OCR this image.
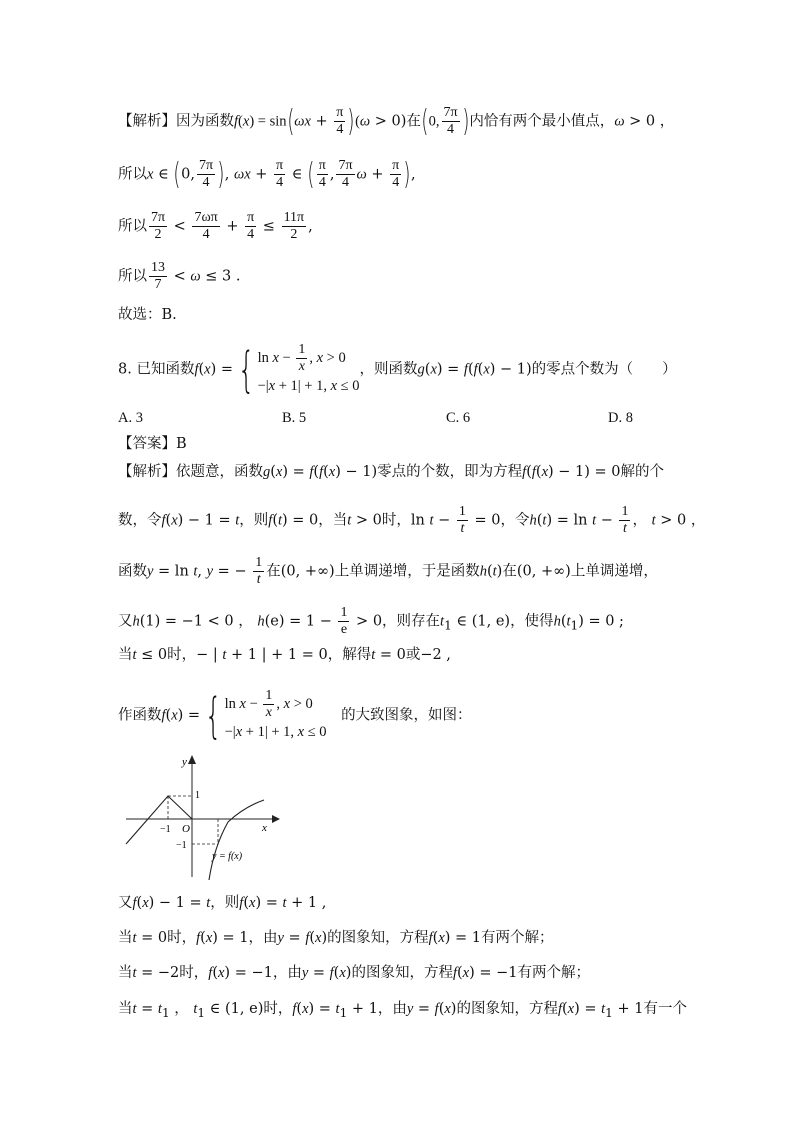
【解析】因为函数$f(x) = \sin(\omega x + \frac{\pi}{4} )(\omega > 0)$在(0, $\frac{7\pi}{4}$ )内恰有两个最小值点，ω > 0 ，
所以x ∈ (0, $\frac{7\pi}{4}$ ), $\omega x + \frac{\pi}{4}$ ∈ ( $\frac{\pi}{4}$ , $\frac{7\pi}{4}$ $\omega + \frac{\pi}{4}$ ),
所以 $\frac{7\pi}{2} < \frac{7\omega\pi}{4} + \frac{\pi}{4} \le \frac{11\pi}{2}$ ,
所以 $\frac{13}{7} < \omega \le 3$ .
故选：B.
8. 已知函数f(x) = { $\ln x - \frac{1}{x}$ , x > 0
−|x + 1| + 1, x ≤ 0，则函数g(x) = f(f(x) − 1)的零点个数为（　　）
A. 3	B. 5	C. 6	D. 8
【答案】B
【解析】依题意，函数g(x) = f(f(x) − 1)零点的个数，即为方程f(f(x) − 1) = 0解的个
数，令f(x) − 1 = t，则f(t) = 0，当t > 0时，$\ln t - \frac{1}{t} = 0$，令$h(t) = \ln t - \frac{1}{t}$ ， t > 0 ，
函数y = ln t, y = − $\frac{1}{t}$ 在(0, +∞)上单调递增，于是函数h(t)在(0, +∞)上单调递增，
又h(1) = −1 < 0 ， $h(e) = 1 - \frac{1}{e} > 0$，则存在$t_1$ ∈ (1, e)，使得$h(t_1) = 0$ ;
当t ≤ 0时，− | t + 1 | + 1 = 0，解得t = 0或−2 ,
作函数f(x) = { $\ln x - \frac{1}{x}$ , x > 0
−|x + 1| + 1, x ≤ 0　的大致图象，如图：
y
x
O
−1
1
−1
y = f(x)
又f(x) − 1 = t，则f(x) = t + 1 ,
当t = 0时，f(x) = 1，由y = f(x)的图象知，方程f(x) = 1有两个解；
当t = −2时，f(x) = −1，由y = f(x)的图象知，方程f(x) = −1有两个解；
当$t = t_1$ ， $t_1$ ∈ (1, e)时，$f(x) = t_1 + 1$，由y = f(x)的图象知，方程$f(x) = t_1 + 1$有一个
